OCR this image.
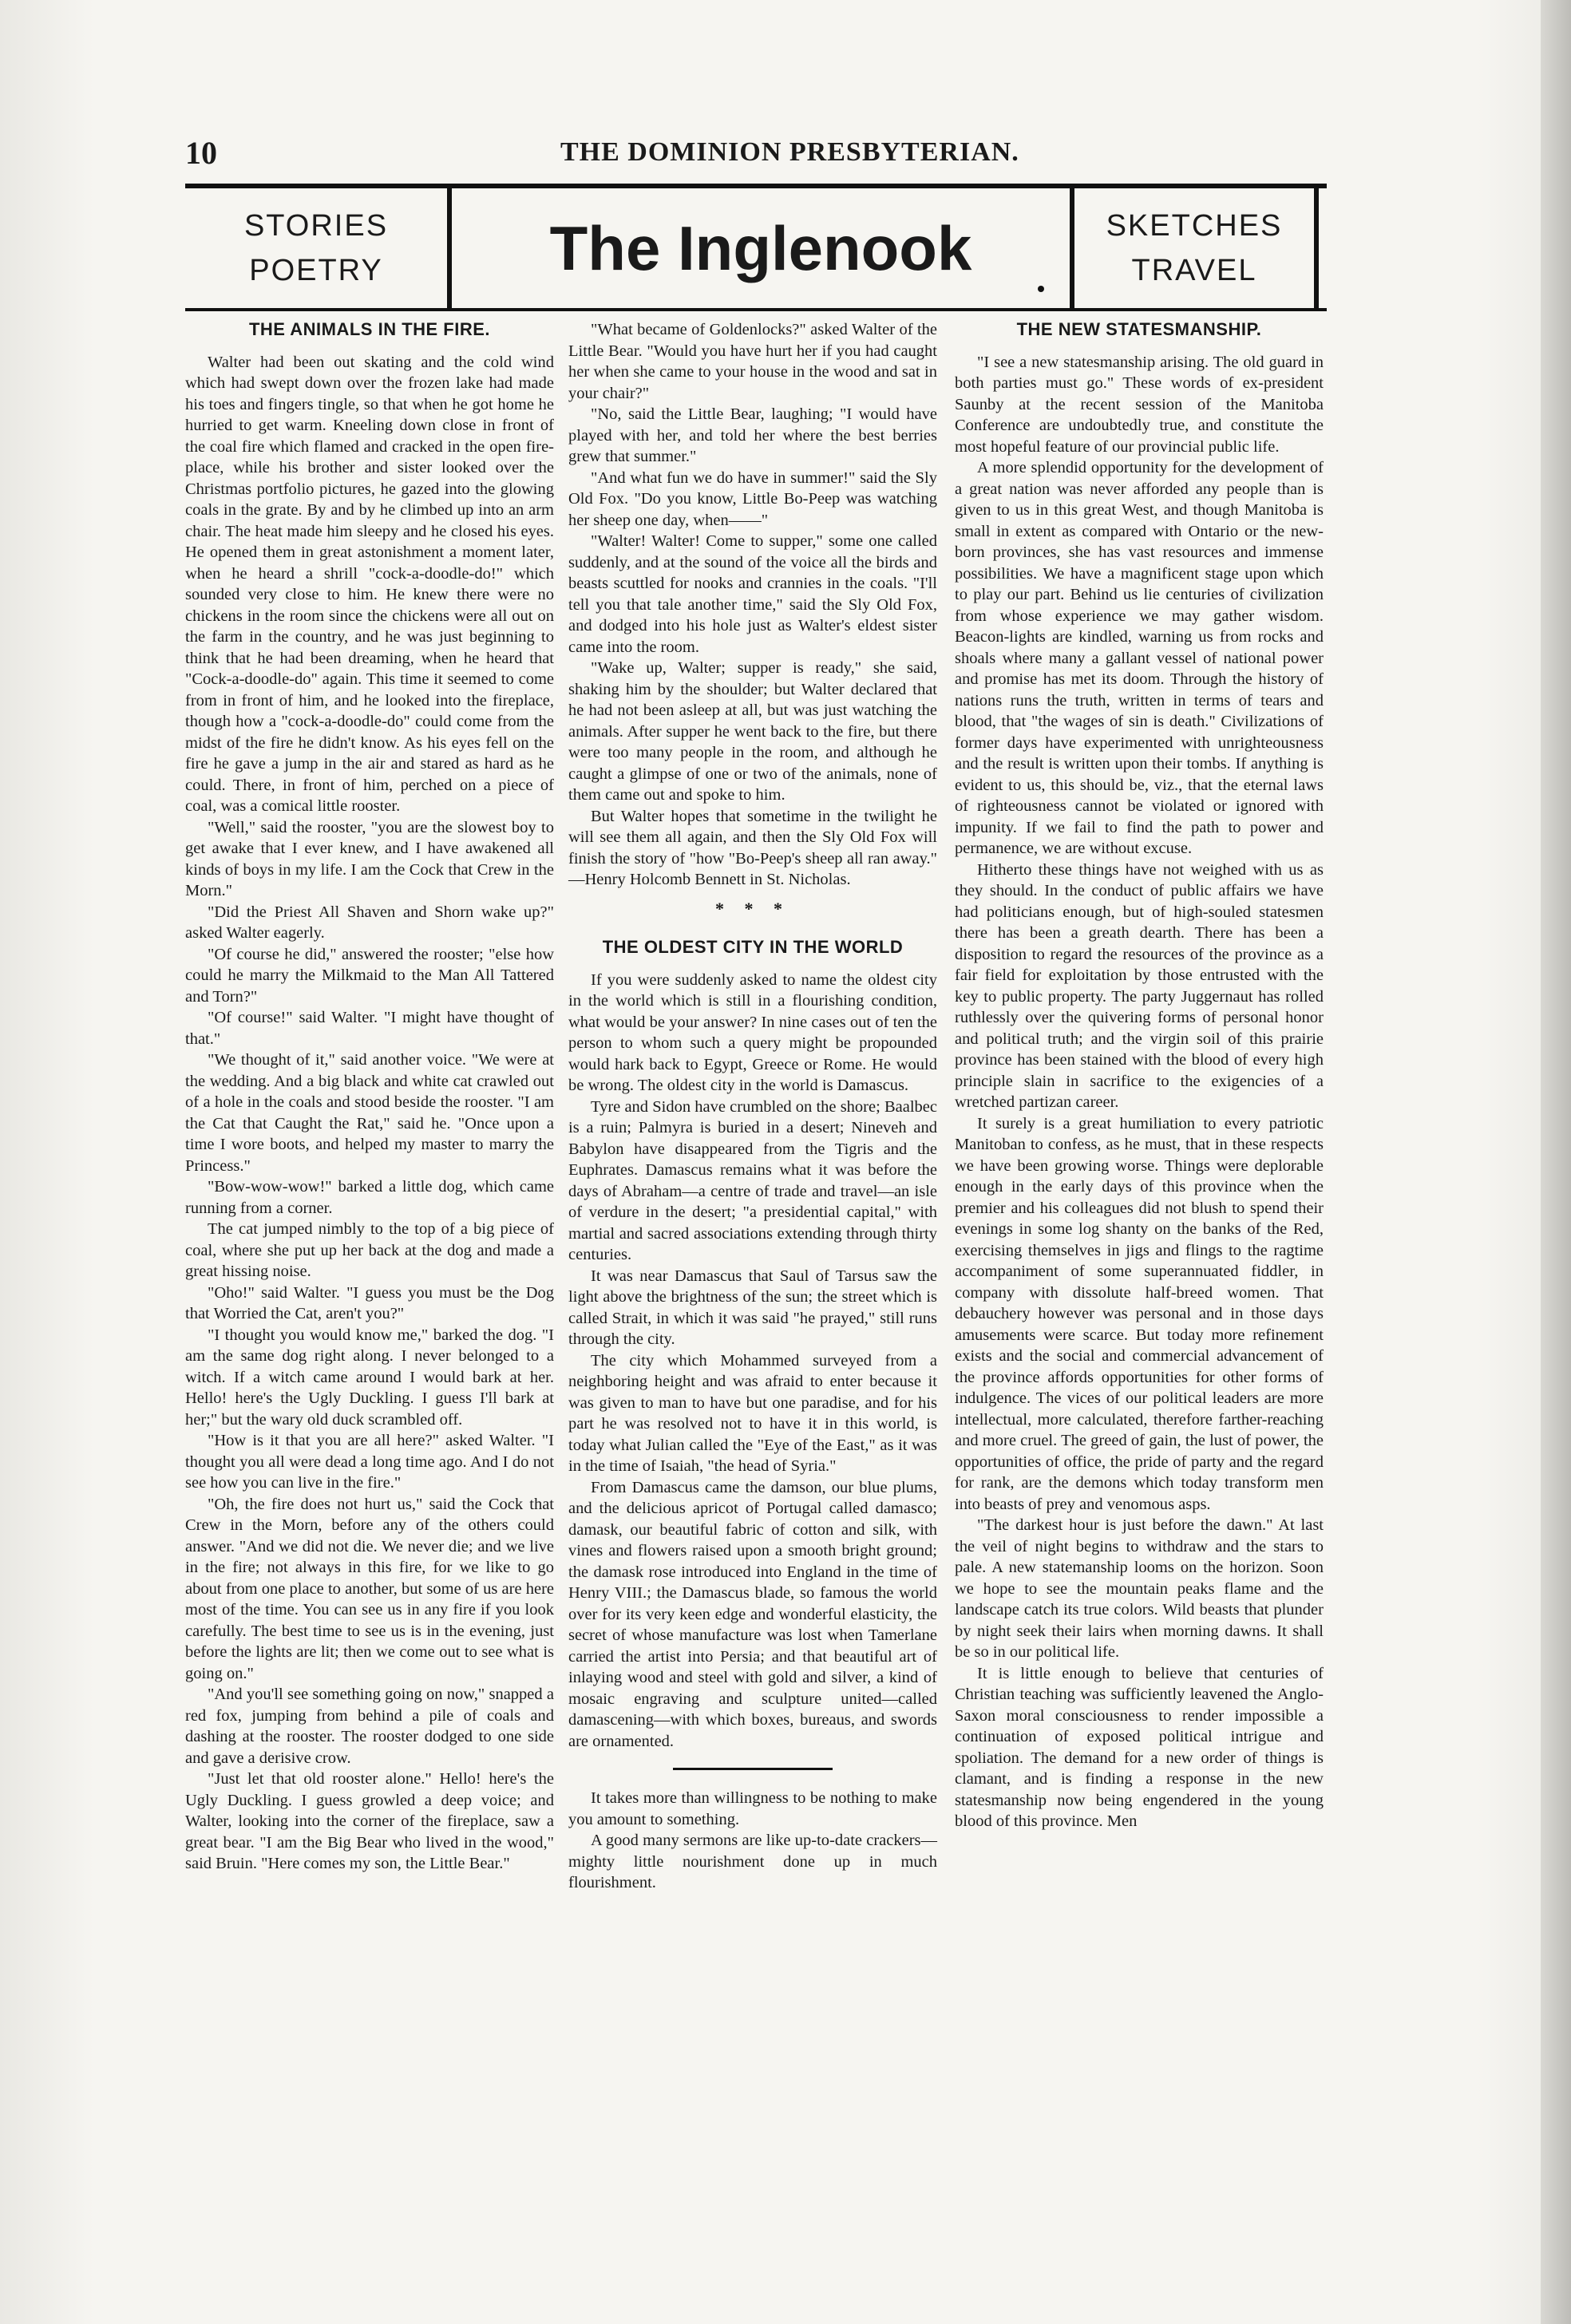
10	THE DOMINION PRESBYTERIAN.
STORIES
POETRY	The Inglenook	SKETCHES
TRAVEL
THE ANIMALS IN THE FIRE.

Walter had been out skating and the cold wind which had swept down over the frozen lake had made his toes and fingers tingle, so that when he got home he hurried to get warm. Kneeling down close in front of the coal fire which flamed and cracked in the open fire-place, while his brother and sister looked over the Christmas portfolio pictures, he gazed into the glowing coals in the grate. By and by he climbed up into an arm chair. The heat made him sleepy and he closed his eyes. He opened them in great astonishment a moment later, when he heard a shrill "cock-a-doodle-do!" which sounded very close to him. He knew there were no chickens in the room since the chickens were all out on the farm in the country, and he was just beginning to think that he had been dreaming, when he heard that "Cock-a-doodle-do" again. This time it seemed to come from in front of him, and he looked into the fireplace, though how a "cock-a-doodle-do" could come from the midst of the fire he didn't know. As his eyes fell on the fire he gave a jump in the air and stared as hard as he could. There, in front of him, perched on a piece of coal, was a comical little rooster.

"Well," said the rooster, "you are the slowest boy to get awake that I ever knew, and I have awakened all kinds of boys in my life. I am the Cock that Crew in the Morn."

"Did the Priest All Shaven and Shorn wake up?" asked Walter eagerly.

"Of course he did," answered the rooster; "else how could he marry the Milkmaid to the Man All Tattered and Torn?"

"Of course!" said Walter. "I might have thought of that."

"We thought of it," said another voice. "We were at the wedding. And a big black and white cat crawled out of a hole in the coals and stood beside the rooster. "I am the Cat that Caught the Rat," said he. "Once upon a time I wore boots, and helped my master to marry the Princess."

"Bow-wow-wow!" barked a little dog, which came running from a corner.

The cat jumped nimbly to the top of a big piece of coal, where she put up her back at the dog and made a great hissing noise.

"Oho!" said Walter. "I guess you must be the Dog that Worried the Cat, aren't you?"

"I thought you would know me," barked the dog. "I am the same dog right along. I never belonged to a witch. If a witch came around I would bark at her. Hello! here's the Ugly Duckling. I guess I'll bark at her;" but the wary old duck scrambled off.

"How is it that you are all here?" asked Walter. "I thought you all were dead a long time ago. And I do not see how you can live in the fire."

"Oh, the fire does not hurt us," said the Cock that Crew in the Morn, before any of the others could answer. "And we did not die. We never die; and we live in the fire; not always in this fire, for we like to go about from one place to another, but some of us are here most of the time. You can see us in any fire if you look carefully. The best time to see us is in the evening, just before the lights are lit; then we come out to see what is going on."

"And you'll see something going on now," snapped a red fox, jumping from behind a pile of coals and dashing at the rooster. The rooster dodged to one side and gave a derisive crow.

"Just let that old rooster alone." Hello! here's the Ugly Duckling. I guess growled a deep voice; and Walter, looking into the corner of the fireplace, saw a great bear. "I am the Big Bear who lived in the wood," said Bruin. "Here comes my son, the Little Bear."

"What became of Goldenlocks?" asked Walter of the Little Bear. "Would you have hurt her if you had caught her when she came to your house in the wood and sat in your chair?"

"No, said the Little Bear, laughing; "I would have played with her, and told her where the best berries grew that summer."

"And what fun we do have in summer!" said the Sly Old Fox. "Do you know, Little Bo-Peep was watching her sheep one day, when——"

"Walter! Walter! Come to supper," some one called suddenly, and at the sound of the voice all the birds and beasts scuttled for nooks and crannies in the coals. "I'll tell you that tale another time," said the Sly Old Fox, and dodged into his hole just as Walter's eldest sister came into the room.

"Wake up, Walter; supper is ready," she said, shaking him by the shoulder; but Walter declared that he had not been asleep at all, but was just watching the animals. After supper he went back to the fire, but there were too many people in the room, and although he caught a glimpse of one or two of the animals, none of them came out and spoke to him.

But Walter hopes that sometime in the twilight he will see them all again, and then the Sly Old Fox will finish the story of "how "Bo-Peep's sheep all ran away." —Henry Holcomb Bennett in St. Nicholas.

* * *
THE OLDEST CITY IN THE WORLD

If you were suddenly asked to name the oldest city in the world which is still in a flourishing condition, what would be your answer? In nine cases out of ten the person to whom such a query might be propounded would hark back to Egypt, Greece or Rome. He would be wrong. The oldest city in the world is Damascus.

Tyre and Sidon have crumbled on the shore; Baalbec is a ruin; Palmyra is buried in a desert; Nineveh and Babylon have disappeared from the Tigris and the Euphrates. Damascus remains what it was before the days of Abraham—a centre of trade and travel—an isle of verdure in the desert; "a presidential capital," with martial and sacred associations extending through thirty centuries.

It was near Damascus that Saul of Tarsus saw the light above the brightness of the sun; the street which is called Strait, in which it was said "he prayed," still runs through the city.

The city which Mohammed surveyed from a neighboring height and was afraid to enter because it was given to man to have but one paradise, and for his part he was resolved not to have it in this world, is today what Julian called the "Eye of the East," as it was in the time of Isaiah, "the head of Syria."

From Damascus came the damson, our blue plums, and the delicious apricot of Portugal called damasco; damask, our beautiful fabric of cotton and silk, with vines and flowers raised upon a smooth bright ground; the damask rose introduced into England in the time of Henry VIII.; the Damascus blade, so famous the world over for its very keen edge and wonderful elasticity, the secret of whose manufacture was lost when Tamerlane carried the artist into Persia; and that beautiful art of inlaying wood and steel with gold and silver, a kind of mosaic engraving and sculpture united—called damascening—with which boxes, bureaus, and swords are ornamented.

It takes more than willingness to be nothing to make you amount to something.

A good many sermons are like up-to-date crackers—mighty little nourishment done up in much flourishment.

THE NEW STATESMANSHIP.

"I see a new statesmanship arising. The old guard in both parties must go." These words of ex-president Saunby at the recent session of the Manitoba Conference are undoubtedly true, and constitute the most hopeful feature of our provincial public life.

A more splendid opportunity for the development of a great nation was never afforded any people than is given to us in this great West, and though Manitoba is small in extent as compared with Ontario or the new-born provinces, she has vast resources and immense possibilities. We have a magnificent stage upon which to play our part. Behind us lie centuries of civilization from whose experience we may gather wisdom. Beacon-lights are kindled, warning us from rocks and shoals where many a gallant vessel of national power and promise has met its doom. Through the history of nations runs the truth, written in terms of tears and blood, that "the wages of sin is death." Civilizations of former days have experimented with unrighteousness and the result is written upon their tombs. If anything is evident to us, this should be, viz., that the eternal laws of righteousness cannot be violated or ignored with impunity. If we fail to find the path to power and permanence, we are without excuse.

Hitherto these things have not weighed with us as they should. In the conduct of public affairs we have had politicians enough, but of high-souled statesmen there has been a greath dearth. There has been a disposition to regard the resources of the province as a fair field for exploitation by those entrusted with the key to public property. The party Juggernaut has rolled ruthlessly over the quivering forms of personal honor and political truth; and the virgin soil of this prairie province has been stained with the blood of every high principle slain in sacrifice to the exigencies of a wretched partizan career.

It surely is a great humiliation to every patriotic Manitoban to confess, as he must, that in these respects we have been growing worse. Things were deplorable enough in the early days of this province when the premier and his colleagues did not blush to spend their evenings in some log shanty on the banks of the Red, exercising themselves in jigs and flings to the ragtime accompaniment of some superannuated fiddler, in company with dissolute half-breed women. That debauchery however was personal and in those days amusements were scarce. But today more refinement exists and the social and commercial advancement of the province affords opportunities for other forms of indulgence. The vices of our political leaders are more intellectual, more calculated, therefore farther-reaching and more cruel. The greed of gain, the lust of power, the opportunities of office, the pride of party and the regard for rank, are the demons which today transform men into beasts of prey and venomous asps.

"The darkest hour is just before the dawn." At last the veil of night begins to withdraw and the stars to pale. A new statemanship looms on the horizon. Soon we hope to see the mountain peaks flame and the landscape catch its true colors. Wild beasts that plunder by night seek their lairs when morning dawns. It shall be so in our political life.

It is little enough to believe that centuries of Christian teaching was sufficiently leavened the Anglo-Saxon moral consciousness to render impossible a continuation of exposed political intrigue and spoliation. The demand for a new order of things is clamant, and is finding a response in the new statesmanship now being engendered in the young blood of this province. Men
